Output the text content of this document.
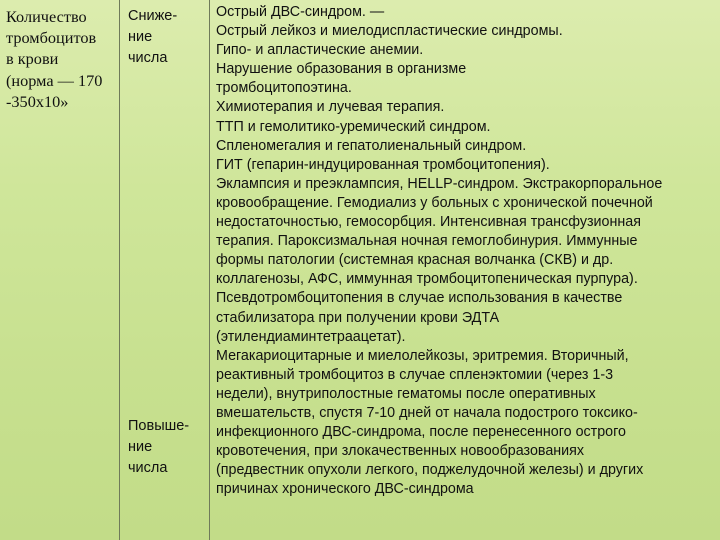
Количество
тромбоцитов
в крови
(норма — 170
-350х10»
Сниже-
ние
числа
Повыше-
ние
числа
Острый ДВС-синдром. —
Острый лейкоз и миелодиспластические синдромы.
Гипо- и апластические анемии.
Нарушение образования в организме
тромбоцитопоэтина.
Химиотерапия и лучевая терапия.
ТТП и гемолитико-уремический синдром.
Спленомегалия и гепатолиенальный синдром.
ГИТ (гепарин-индуцированная тромбоцитопения).
Эклампсия и преэклампсия, HELLP-синдром. Экстракорпоральное
кровообращение. Гемодиализ у больных с хронической почечной
недостаточностью, гемосорбция. Интенсивная трансфузионная
терапия. Пароксизмальная ночная гемоглобинурия. Иммунные
формы патологии (системная красная волчанка (СКВ) и др.
коллагенозы, АФС, иммунная тромбоцитопеническая пурпура).
Псевдотромбоцитопения в случае использования в качестве
стабилизатора при получении крови ЭДТА
(этилендиаминтетраацетат).
Мегакариоцитарные и миелолейкозы, эритремия. Вторичный,
реактивный тромбоцитоз в случае спленэктомии (через 1-3
недели), внутриполостные гематомы после оперативных
вмешательств, спустя 7-10 дней от начала подострого токсико-
инфекционного ДВС-синдрома, после перенесенного острого
кровотечения, при злокачественных новообразованиях
(предвестник опухоли легкого, поджелудочной железы) и других
причинах хронического ДВС-синдрома
